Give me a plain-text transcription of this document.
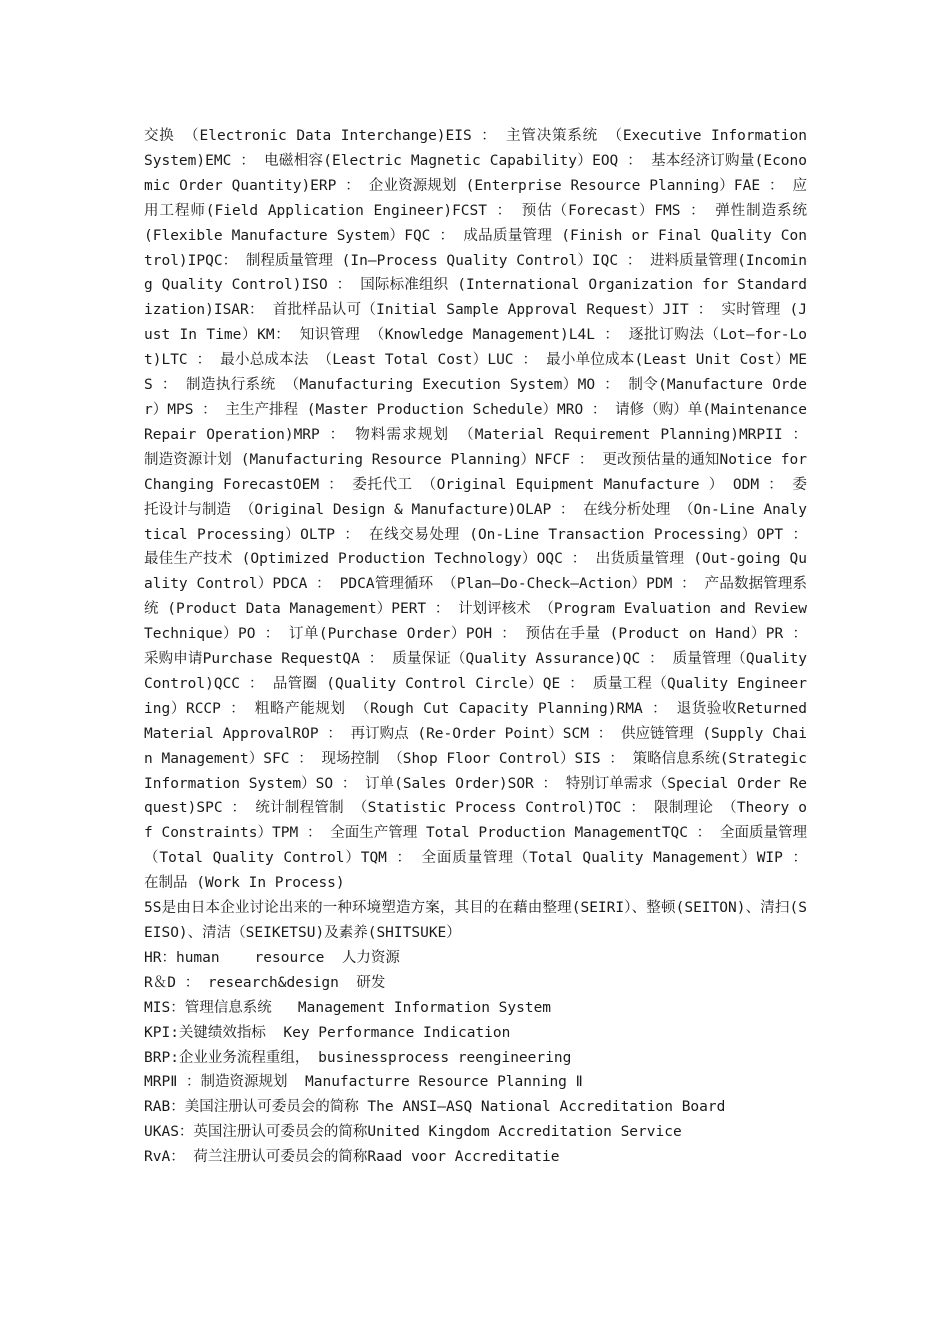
交换 （Electronic Data Interchange)EIS ： 主管决策系统 （Executive Information System)EMC ： 电磁相容(Electric Magnetic Capability）EOQ ： 基本经济订购量(Economic Order Quantity)ERP ： 企业资源规划 (Enterprise Resource Planning）FAE ： 应用工程师(Field Application Engineer)FCST ： 预估（Forecast）FMS ： 弹性制造系统 (Flexible Manufacture System）FQC ： 成品质量管理 (Finish or Final Quality Control)IPQC： 制程质量管理 (In—Process Quality Control）IQC ： 进料质量管理(Incoming Quality Control)ISO ： 国际标准组织 (International Organization for Standardization)ISAR： 首批样品认可（Initial Sample Approval Request）JIT ： 实时管理 (Just In Time）KM： 知识管理 （Knowledge Management)L4L ： 逐批订购法（Lot—for-Lot)LTC ： 最小总成本法 （Least Total Cost）LUC ： 最小单位成本(Least Unit Cost）MES ： 制造执行系统 （Manufacturing Execution System）MO ： 制令(Manufacture Order）MPS ： 主生产排程 (Master Production Schedule）MRO ： 请修（购）单(Maintenance Repair Operation)MRP ： 物料需求规划 （Material Requirement Planning)MRPII ： 制造资源计划 (Manufacturing Resource Planning）NFCF ： 更改预估量的通知Notice for Changing ForecastOEM ： 委托代工 （Original Equipment Manufacture ） ODM ： 委托设计与制造 （Original Design & Manufacture)OLAP ： 在线分析处理 （On-Line Analytical Processing）OLTP ： 在线交易处理 (On-Line Transaction Processing）OPT ： 最佳生产技术 (Optimized Production Technology）OQC ： 出货质量管理 (Out-going Quality Control）PDCA ： PDCA管理循环 （Plan—Do-Check—Action）PDM ： 产品数据管理系统 (Product Data Management）PERT ： 计划评核术 （Program Evaluation and Review Technique）PO ： 订单(Purchase Order）POH ： 预估在手量 (Product on Hand）PR ： 采购申请Purchase RequestQA ： 质量保证（Quality Assurance)QC ： 质量管理（Quality Control)QCC ： 品管圈 (Quality Control Circle）QE ： 质量工程（Quality Engineering）RCCP ： 粗略产能规划 （Rough Cut Capacity Planning)RMA ： 退货验收Returned Material ApprovalROP ： 再订购点 (Re-Order Point）SCM ： 供应链管理 (Supply Chain Management）SFC ： 现场控制 （Shop Floor Control）SIS ： 策略信息系统(Strategic Information System）SO ： 订单(Sales Order)SOR ： 特别订单需求（Special Order Request)SPC ： 统计制程管制 （Statistic Process Control)TOC ： 限制理论 （Theory of Constraints）TPM ： 全面生产管理 Total Production ManagementTQC ： 全面质量管理 （Total Quality Control）TQM ： 全面质量管理（Total Quality Management）WIP ： 在制品 (Work In Process)

5S是由日本企业讨论出来的一种环境塑造方案，其目的在藉由整理(SEIRI）、整顿(SEITON)、清扫(SEISO)、清洁（SEIKETSU)及素养(SHITSUKE）

HR：human    resource  人力资源

R＆D ： research&design  研发

MIS：管理信息系统   Management Information System

KPI:关键绩效指标  Key Performance Indication

BRP:企业业务流程重组， businessprocess reengineering

MRPⅡ ：制造资源规划  Manufacturre Resource Planning Ⅱ

RAB：美国注册认可委员会的简称 The ANSI—ASQ National Accreditation Board

UKAS：英国注册认可委员会的简称United Kingdom Accreditation Service

RvA： 荷兰注册认可委员会的简称Raad voor Accreditatie
